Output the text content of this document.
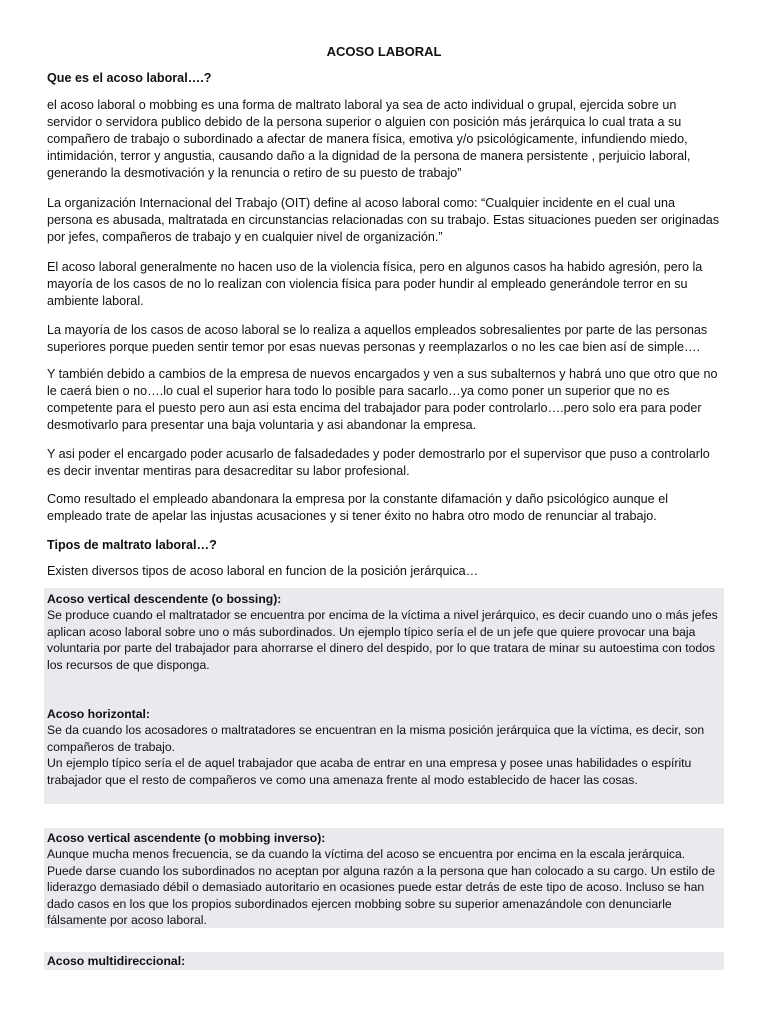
ACOSO LABORAL

Que es el acoso laboral….?

el acoso laboral o mobbing es una forma de maltrato laboral ya sea de acto individual o grupal, ejercida sobre un servidor o servidora publico debido de la persona superior o alguien con posición más jerárquica lo cual trata a su compañero de trabajo o subordinado a afectar de manera física, emotiva y/o psicológicamente, infundiendo miedo, intimidación, terror y angustia, causando daño a la dignidad de la persona de manera persistente , perjuicio laboral, generando la desmotivación y la renuncia o retiro de su puesto de trabajo”

La organización Internacional del Trabajo (OIT) define al acoso laboral como: “Cualquier incidente en el cual una persona es abusada, maltratada en circunstancias relacionadas con su trabajo. Estas situaciones pueden ser originadas por jefes, compañeros de trabajo y en cualquier nivel de organización.”

El acoso laboral generalmente no hacen uso de la violencia física, pero en algunos casos ha habido agresión, pero la mayoría de los casos de no lo realizan con violencia física para poder hundir al empleado generándole terror en su ambiente laboral.

La mayoría de los casos de acoso laboral se lo realiza a aquellos empleados sobresalientes por parte de las personas superiores porque pueden sentir temor por esas nuevas personas y reemplazarlos o no les cae bien así de simple….

Y también debido a cambios de la empresa de nuevos encargados y ven a sus subalternos y habrá uno que otro que no le caerá bien o no….lo cual el superior hara todo lo posible para sacarlo…ya como poner un superior que no es competente para el puesto pero aun asi esta encima del trabajador para poder controlarlo….pero solo era para poder desmotivarlo para presentar una baja voluntaria y asi abandonar la empresa.

Y asi poder el encargado poder acusarlo de falsadedades y poder demostrarlo por el supervisor que puso a controlarlo es decir inventar mentiras para desacreditar su labor profesional.

Como resultado el empleado abandonara la empresa por la constante difamación y daño psicológico aunque el empleado trate de apelar las injustas acusaciones y si tener éxito no habra otro modo de renunciar al trabajo.

Tipos de maltrato laboral…?

Existen diversos tipos de acoso laboral en funcion de la posición jerárquica…

Acoso vertical descendente (o bossing):
Se produce cuando el maltratador se encuentra por encima de la víctima a nivel jerárquico, es decir cuando uno o más jefes aplican acoso laboral sobre uno o más subordinados. Un ejemplo típico sería el de un jefe que quiere provocar una baja voluntaria por parte del trabajador para ahorrarse el dinero del despido, por lo que tratara de minar su autoestima con todos los recursos de que disponga.
Acoso horizontal:
Se da cuando los acosadores o maltratadores se encuentran en la misma posición jerárquica que la víctima, es decir, son compañeros de trabajo.
Un ejemplo típico sería el de aquel trabajador que acaba de entrar en una empresa y posee unas habilidades o espíritu trabajador que el resto de compañeros ve como una amenaza frente al modo establecido de hacer las cosas.
Acoso vertical ascendente (o mobbing inverso):
Aunque mucha menos frecuencia, se da cuando la víctima del acoso se encuentra por encima en la escala jerárquica. Puede darse cuando los subordinados no aceptan por alguna razón a la persona que han colocado a su cargo. Un estilo de liderazgo demasiado débil o demasiado autoritario en ocasiones puede estar detrás de este tipo de acoso. Incluso se han dado casos en los que los propios subordinados ejercen mobbing sobre su superior amenazándole con denunciarle fálsamente por acoso laboral.
Acoso multidireccional:
